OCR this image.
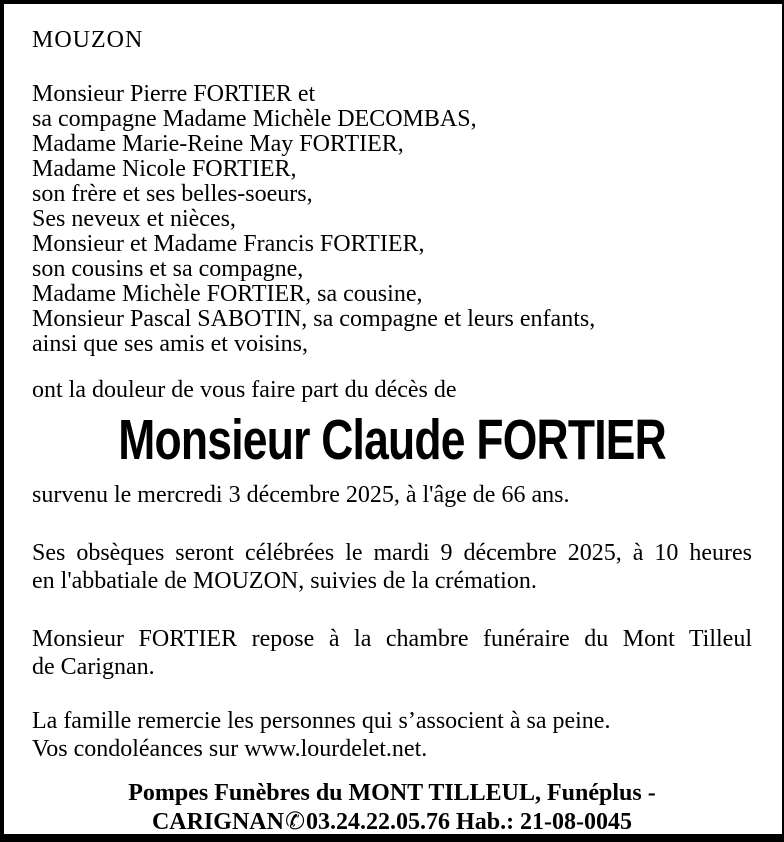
MOUZON
Monsieur Pierre FORTIER et
sa compagne Madame Michèle DECOMBAS,
Madame Marie-Reine May FORTIER,
Madame Nicole FORTIER,
son frère et ses belles-soeurs,
Ses neveux et nièces,
Monsieur et Madame Francis FORTIER,
son cousins et sa compagne,
Madame Michèle FORTIER, sa cousine,
Monsieur Pascal SABOTIN, sa compagne et leurs enfants,
ainsi que ses amis et voisins,
ont la douleur de vous faire part du décès de
Monsieur Claude FORTIER
survenu le mercredi 3 décembre 2025, à l'âge de 66 ans.
Ses obsèques seront célébrées le mardi 9 décembre 2025, à 10 heures
en l'abbatiale de MOUZON, suivies de la crémation.
Monsieur FORTIER repose à la chambre funéraire du Mont Tilleul
de Carignan.
La famille remercie les personnes qui s’associent à sa peine.
Vos condoléances sur www.lourdelet.net.
Pompes Funèbres du MONT TILLEUL, Funéplus -
CARIGNAN✆03.24.22.05.76 Hab.: 21-08-0045
